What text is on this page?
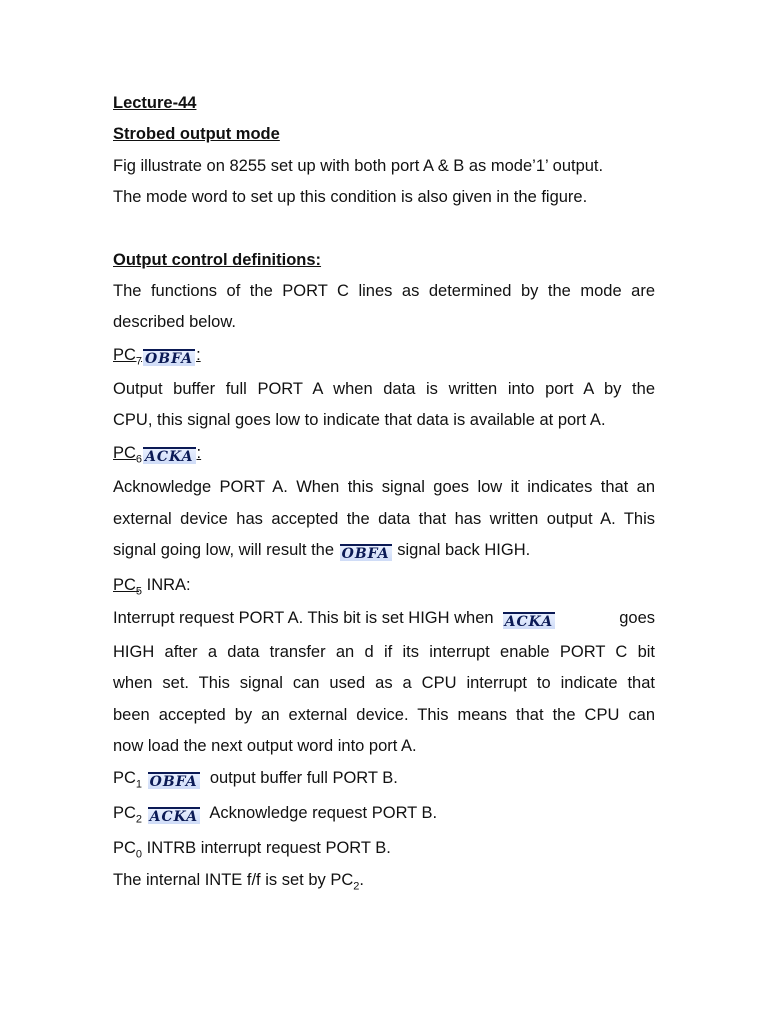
Lecture-44
Strobed output mode
Fig illustrate on 8255 set up with both port A & B as mode’1’ output.
The mode word to set up this condition is also given in the figure.
Output control definitions:
The functions of the PORT C lines as determined by the mode are
described below.
$PC_7$ OBFA :
Output buffer full PORT A when data is written into port A by the
CPU, this signal goes low to indicate that data is available at port A.
$PC_6$ ACKA :
Acknowledge PORT A. When this signal goes low it indicates that an
external device has accepted the data that has written output A. This
signal going low, will result the OBFA signal back HIGH.
$PC_5$ INRA:
Interrupt request PORT A. This bit is set HIGH when ACKA	goes
HIGH after a data transfer an d if its interrupt enable PORT C bit
when set. This signal can used as a CPU interrupt to indicate that
been accepted by an external device. This means that the CPU can
now load the next output word into port A.
$PC_1$ OBFA output buffer full PORT B.
$PC_2$ ACKA Acknowledge request PORT B.
$PC_0$ INTRB interrupt request PORT B.
The internal INTE f/f is set by $PC_2$.
